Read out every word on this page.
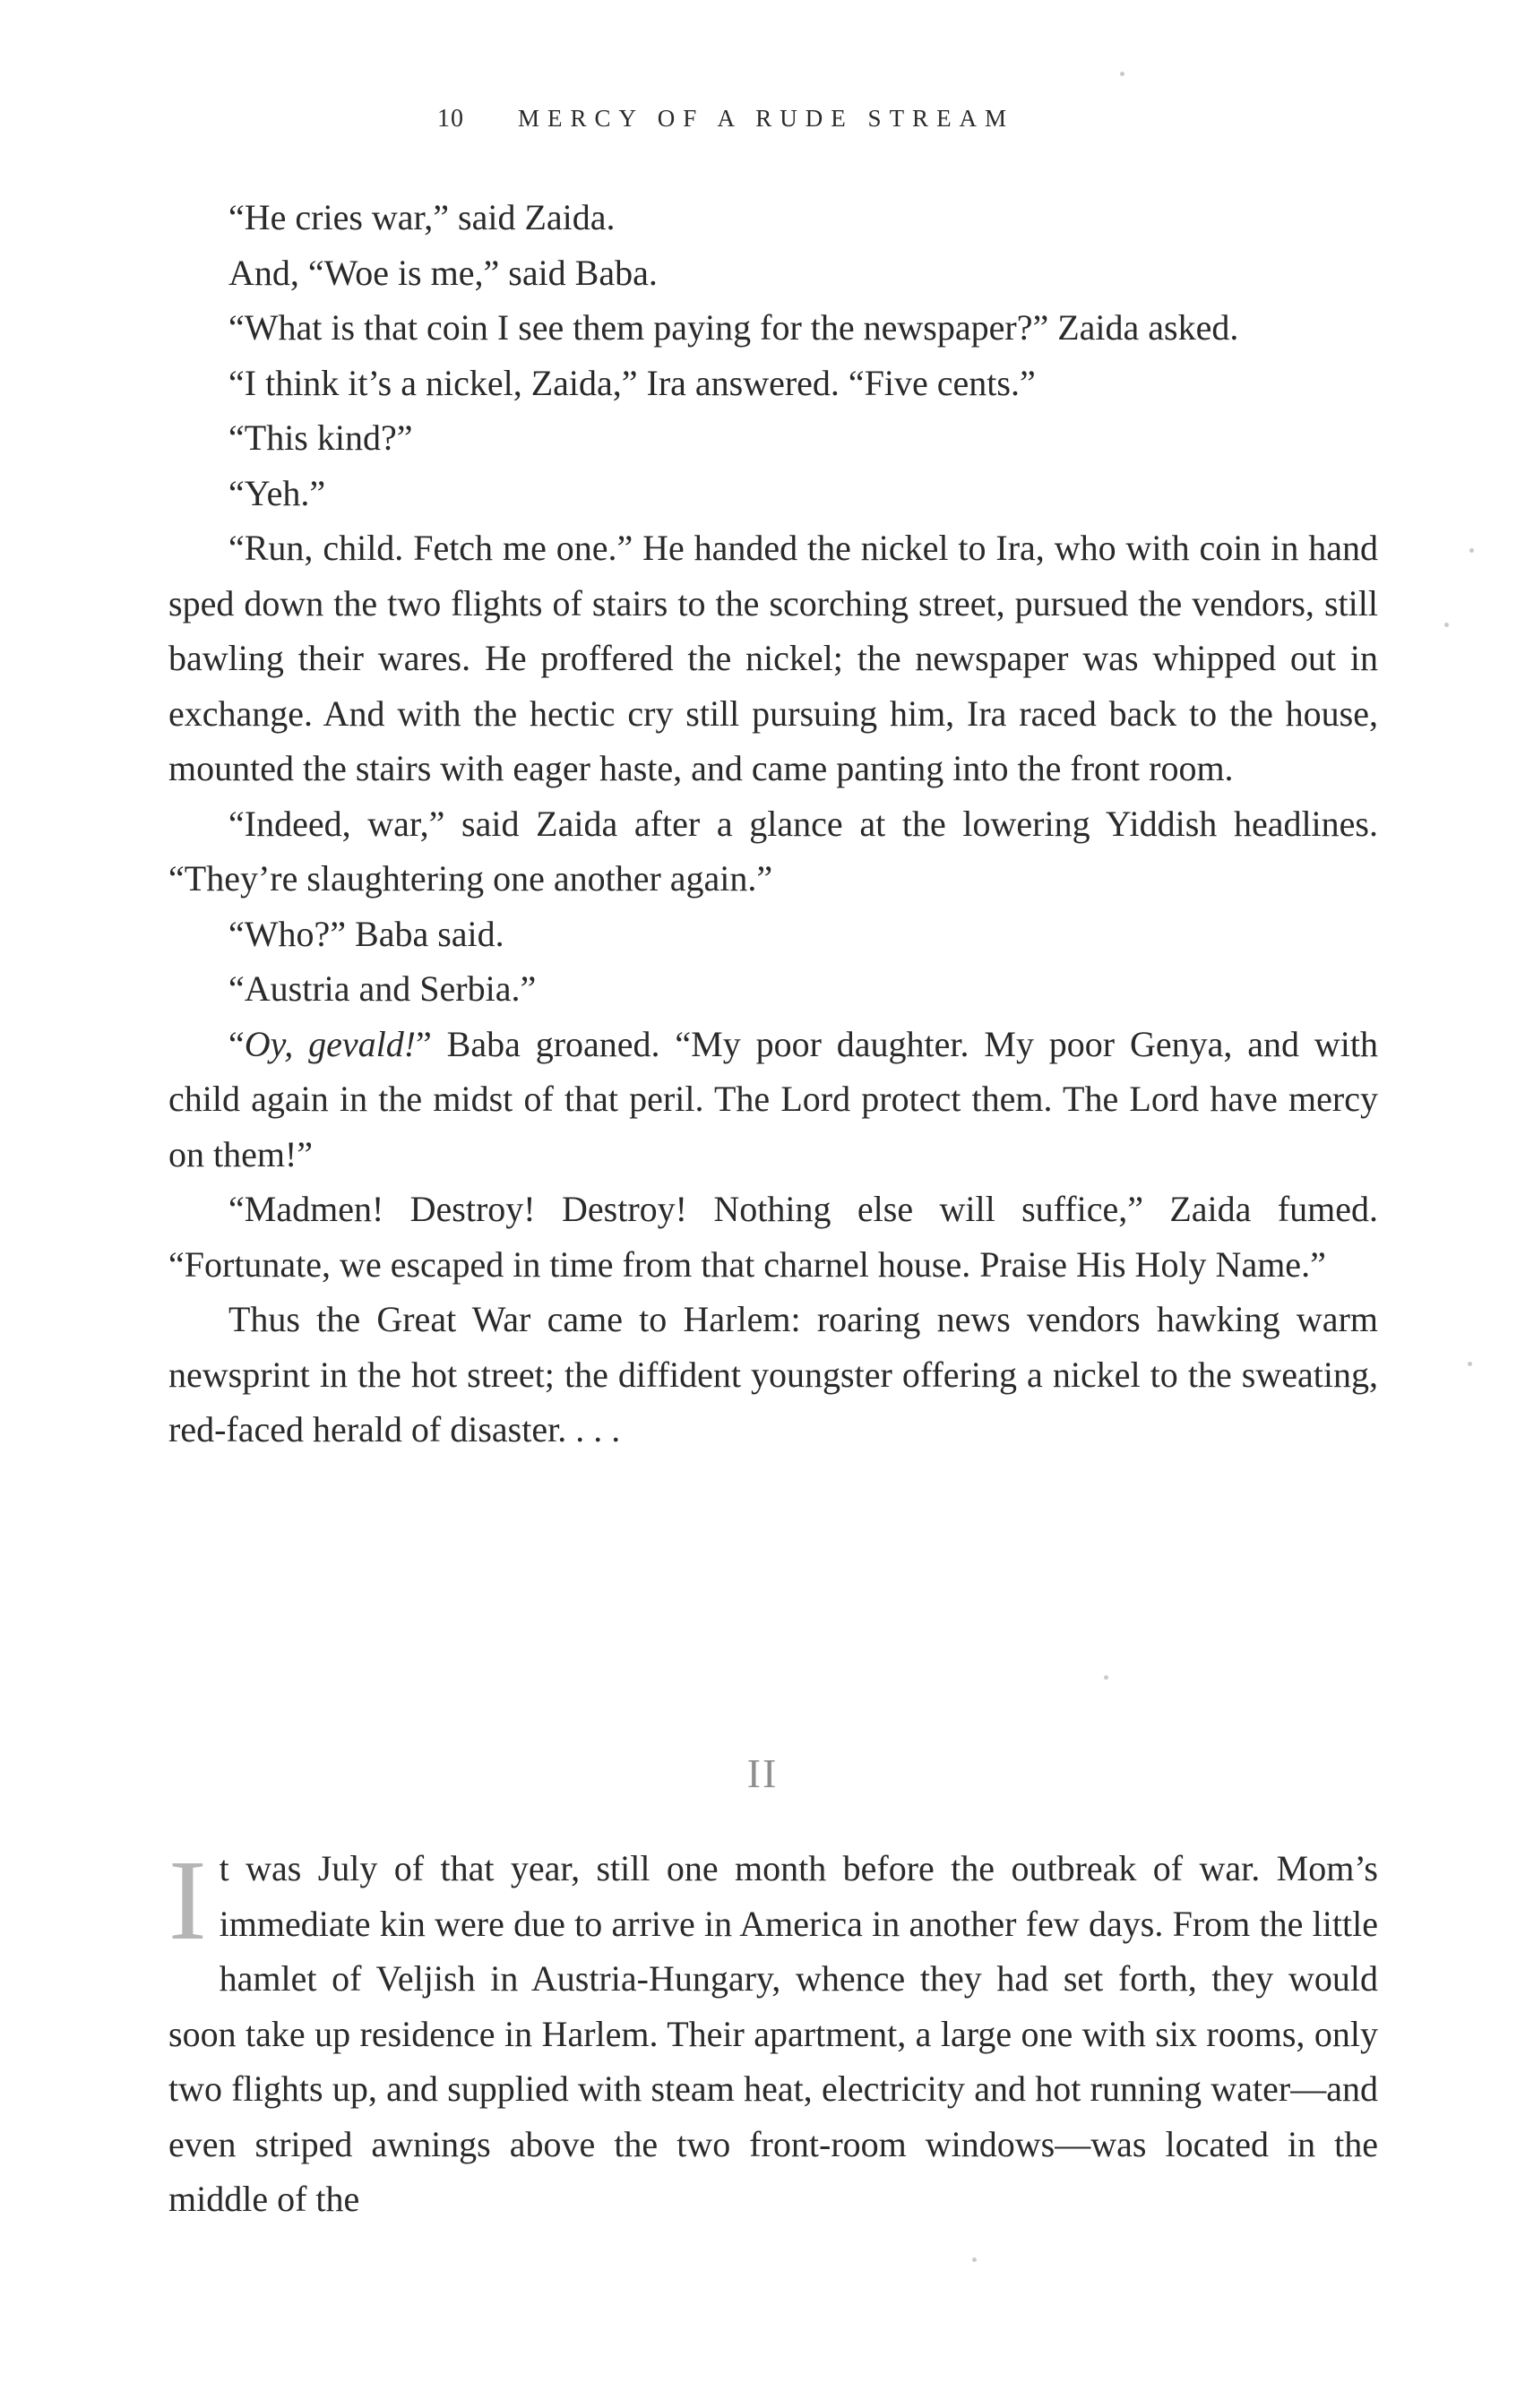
10 MERCY OF A RUDE STREAM

“He cries war,” said Zaida.

And, “Woe is me,” said Baba.

“What is that coin I see them paying for the newspaper?” Zaida asked.

“I think it’s a nickel, Zaida,” Ira answered. “Five cents.”

“This kind?”

“Yeh.”

“Run, child. Fetch me one.” He handed the nickel to Ira, who with coin in hand sped down the two flights of stairs to the scorching street, pursued the vendors, still bawling their wares. He proffered the nickel; the newspaper was whipped out in exchange. And with the hectic cry still pursuing him, Ira raced back to the house, mounted the stairs with eager haste, and came panting into the front room.

“Indeed, war,” said Zaida after a glance at the lowering Yiddish headlines. “They’re slaughtering one another again.”

“Who?” Baba said.

“Austria and Serbia.”

“Oy, gevald!” Baba groaned. “My poor daughter. My poor Genya, and with child again in the midst of that peril. The Lord protect them. The Lord have mercy on them!”

“Madmen! Destroy! Destroy! Nothing else will suffice,” Zaida fumed. “Fortunate, we escaped in time from that charnel house. Praise His Holy Name.”

Thus the Great War came to Harlem: roaring news vendors hawking warm newsprint in the hot street; the diffident youngster offering a nickel to the sweating, red-faced herald of disaster. . . .

II

It was July of that year, still one month before the outbreak of war. Mom’s immediate kin were due to arrive in America in another few days. From the little hamlet of Veljish in Austria-Hungary, whence they had set forth, they would soon take up residence in Harlem. Their apartment, a large one with six rooms, only two flights up, and supplied with steam heat, electricity and hot running water—and even striped awnings above the two front-room windows—was located in the middle of the
